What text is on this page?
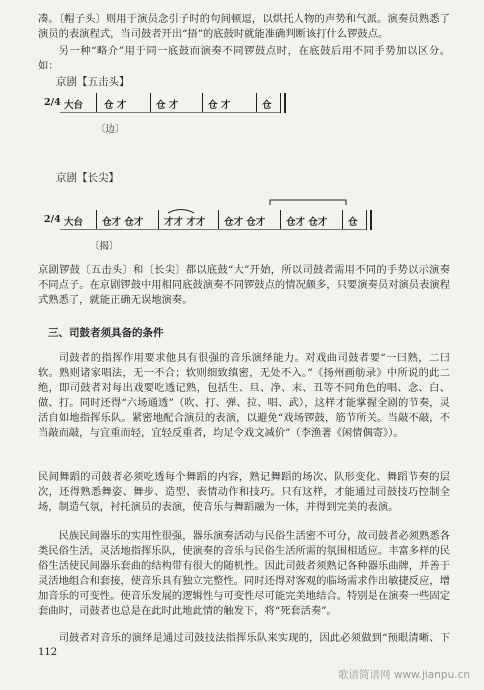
凑。〔帽子头〕则用于演员念引子时的句间顿逗，以烘托人物的声势和气派。演奏员熟悉了演员的表演程式，当司鼓者开出“捂”的底鼓时就能准确判断该打什么锣鼓点。

另一种“略介”用于同一底鼓而演奏不同锣鼓点时，在底鼓后用不同手势加以区分。如：

京剧【五击头】
2/4 大台 仓 才	仓 才	仓 才	仓
〔边〕
京剧【长尖】
2/4 大台 仓才 仓才 才才 才才 仓才 仓才 仓才 仓才 仓
〔揭〕

京剧锣鼓〔五击头〕和〔长尖〕都以底鼓“大”开始，所以司鼓者需用不同的手势以示演奏不同点子。在京剧锣鼓中用相同底鼓演奏不同锣鼓点的情况颇多，只要演奏员对演员表演程式熟悉了，就能正确无误地演奏。

三、司鼓者须具备的条件

司鼓者的指挥作用要求他具有很强的音乐演绎能力。对戏曲司鼓者要“一曰熟，二曰软。熟则诸家唱法，无一不合；软则细致缜密，无处不入。”《扬州画舫录》中所说的此二绝，即司鼓者对每出戏要吃透记熟，包括生、旦、净、末、丑等不同角色的唱、念、白、做、打。同时还得“六场通透”（吹、打、弹、拉、唱、武），这样才能掌握全剧的节奏，灵活自如地指挥乐队。紧密地配合演员的表演，以避免“戏场锣鼓，筋节所关。当敲不敲，不当敲而敲，与宜重而轻，宜轻反重者，均足令戏文减价”（李渔著《闲情偶寄》）。

民间舞蹈的司鼓者必须吃透每个舞蹈的内容，熟记舞蹈的场次、队形变化、舞蹈节奏的层次，还得熟悉舞姿、舞步、造型、表情动作和技巧。只有这样，才能通过司鼓技巧控制全场，制造气氛，衬托演员的表演，使音乐与舞蹈融为一体，并得到完美的表演。

民族民间器乐的实用性很强，器乐演奏活动与民俗生活密不可分，故司鼓者必须熟悉各类民俗生活，灵活地指挥乐队，使演奏的音乐与民俗生活所需的氛围相适应。丰富多样的民俗生活使民间器乐套曲的结构带有很大的随机性。因此司鼓者须熟记各种器乐曲牌，并善于灵活地组合和套接，使音乐具有独立完整性。同时还得对客观的临场需求作出敏捷反应，增加音乐的可变性。使音乐发展的逻辑性与可变性尽可能完美地结合。特别是在演奏一些固定套曲时，司鼓者也总是在此时此地此情的触发下，将“死套活奏”。

司鼓者对音乐的演绎是通过司鼓技法指挥乐队来实现的，因此必须做到“预眼清晰、下

112
歌谱简谱网 www.jianpu.cn
